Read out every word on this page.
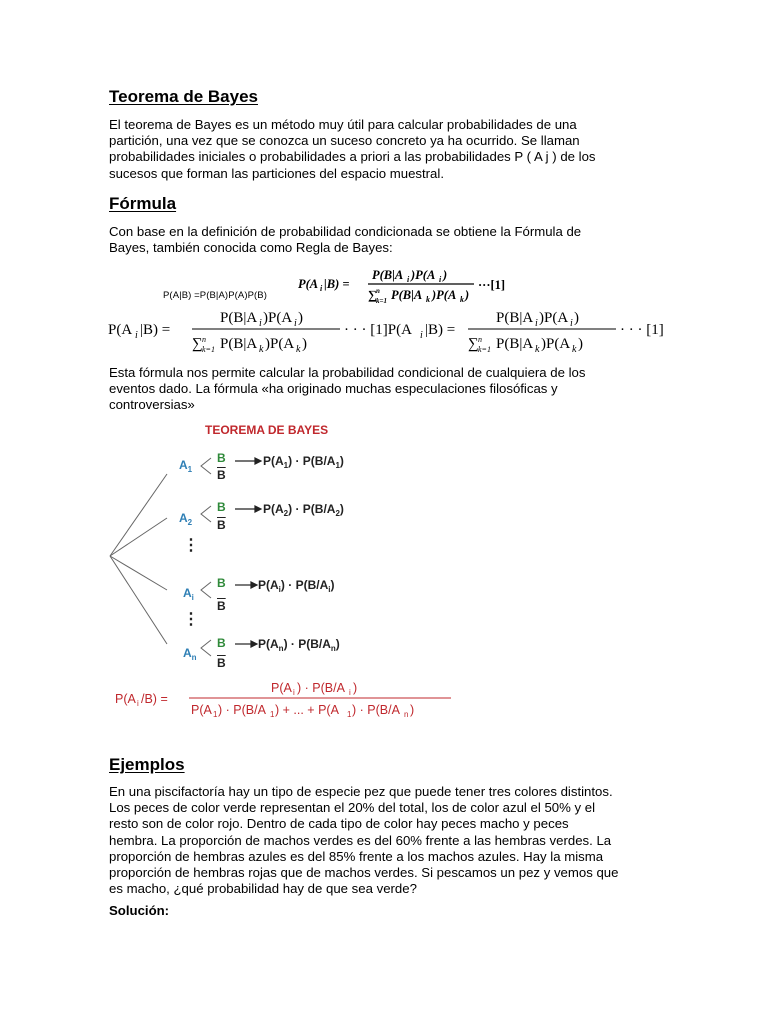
Teorema de Bayes

El teorema de Bayes es un método muy útil para calcular probabilidades de una

partición, una vez que se conozca un suceso concreto ya ha ocurrido. Se llaman

probabilidades iniciales o probabilidades a priori a las probabilidades P ( A j ) de los

sucesos que forman las particiones del espacio muestral.

Fórmula

Con base en la definición de probabilidad condicionada se obtiene la Fórmula de

Bayes, también conocida como Regla de Bayes:

P(A i |B) =
P(B|A i )P(A i )
∑ n
k=1 P(B|A k )P(A k )
···[1]
P(A|B) =P(B|A)P(A)P(B)
P(A i |B) =
P(B|A i )P(A i )
∑ n
k=1 P(B|A k )P(A k )
· · · [1]P(A i |B) =
P(B|A i )P(A i )
∑ n
k=1 P(B|A k )P(A k )
· · · [1]

Esta fórmula nos permite calcular la probabilidad condicional de cualquiera de los

eventos dado. La fórmula «ha originado muchas especulaciones filosóficas y

controversias»

TEOREMA DE BAYES
$A_1$
B
$\overline{B}$
$P(A_1) \cdot P(B/A_1)$
$A_2$
B
$\overline{B}$
$P(A_2) \cdot P(B/A_2)$
⋮
$A_i$
B
$\overline{B}$
$P(A_i) \cdot P(B/A_i)$
⋮
$A_n$
B
$\overline{B}$
$P(A_n) \cdot P(B/A_n)$
P(A i /B) =
P(A i ) · P(B/A i )
P(A 1 ) · P(B/A 1 ) + ... + P(A 1 ) · P(B/A n )
Ejemplos

En una piscifactoría hay un tipo de especie pez que puede tener tres colores distintos.

Los peces de color verde representan el 20% del total, los de color azul el 50% y el

resto son de color rojo. Dentro de cada tipo de color hay peces macho y peces

hembra. La proporción de machos verdes es del 60% frente a las hembras verdes. La

proporción de hembras azules es del 85% frente a los machos azules. Hay la misma

proporción de hembras rojas que de machos verdes. Si pescamos un pez y vemos que

es macho, ¿qué probabilidad hay de que sea verde?

Solución:
